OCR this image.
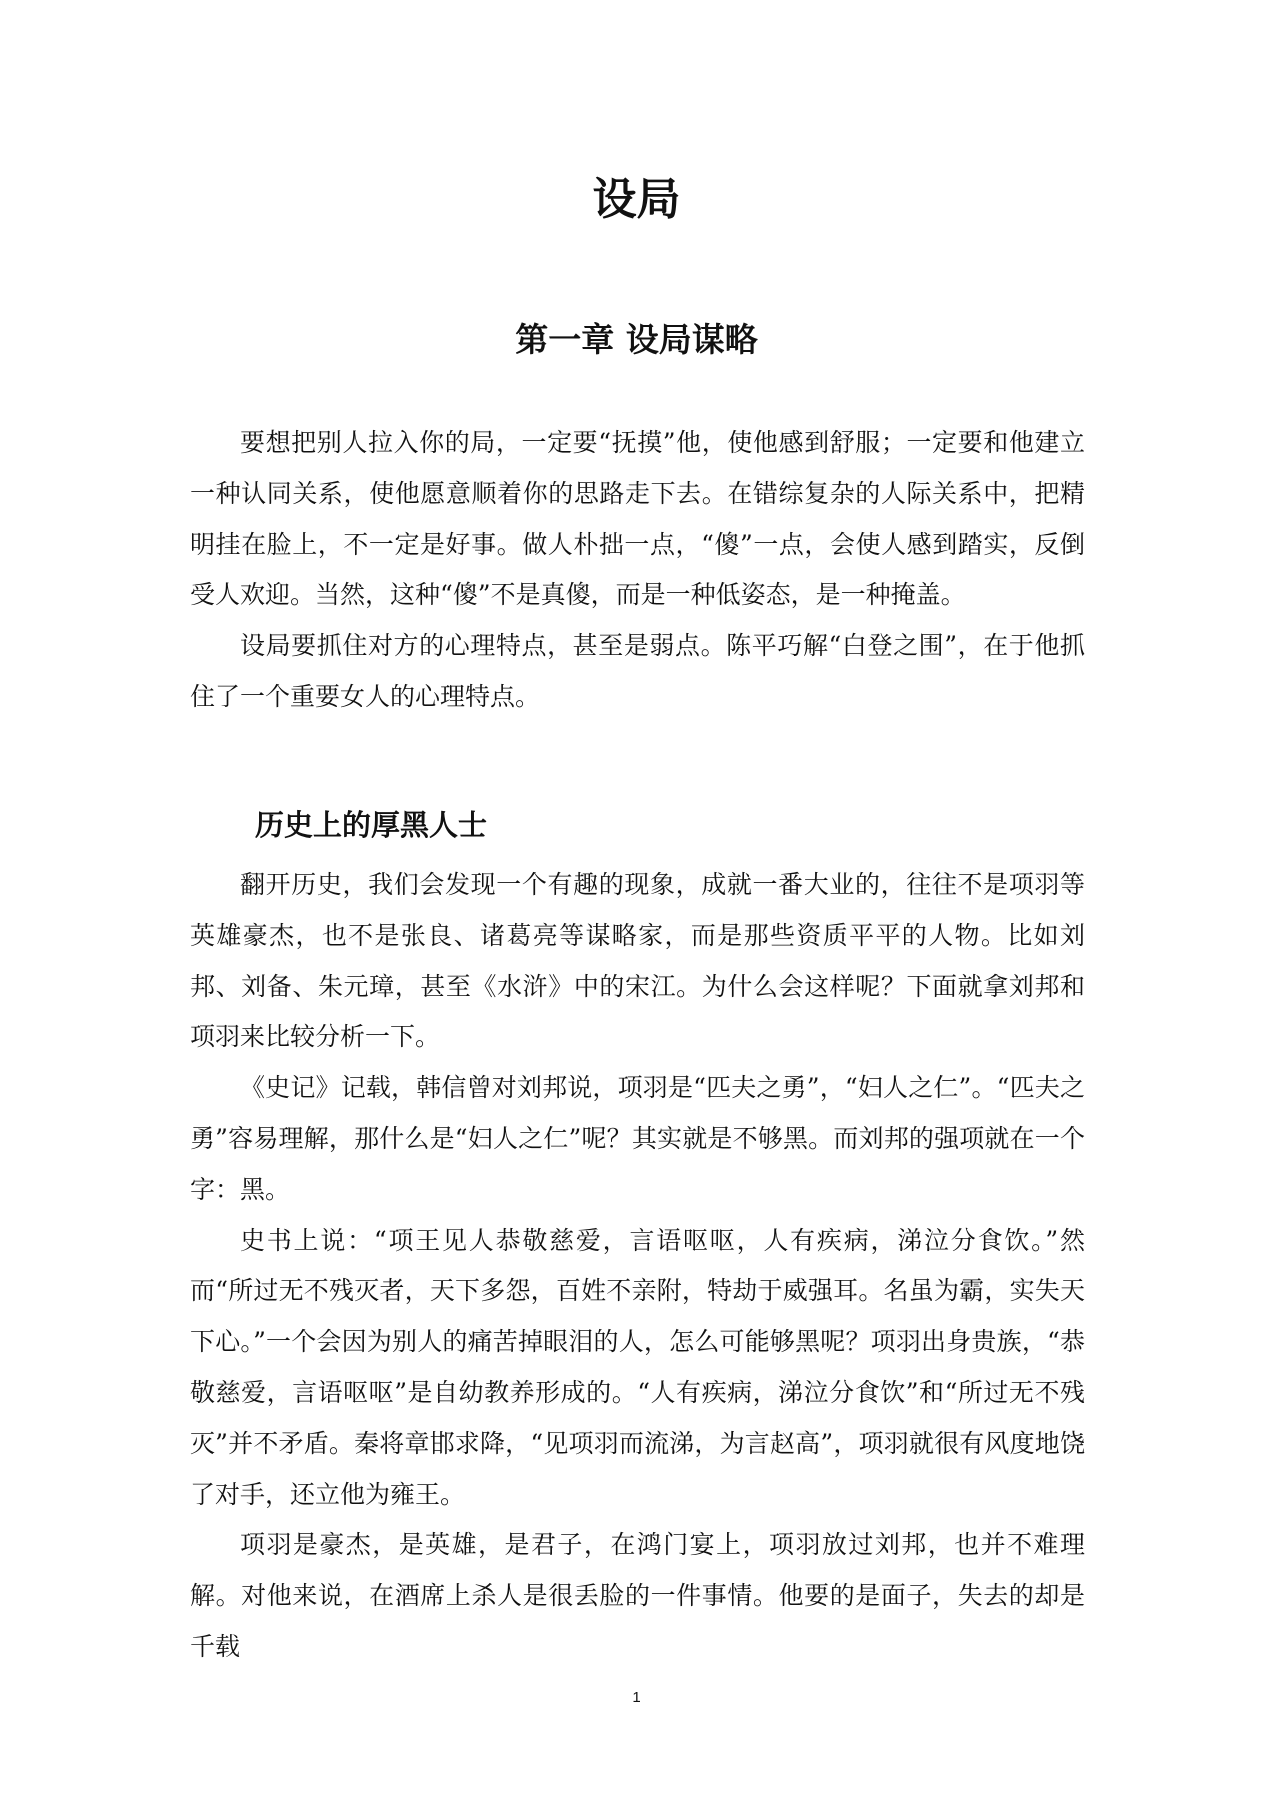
设局
第一章 设局谋略

要想把别人拉入你的局，一定要“抚摸”他，使他感到舒服；一定要和他建立一种认同关系，使他愿意顺着你的思路走下去。在错综复杂的人际关系中，把精明挂在脸上，不一定是好事。做人朴拙一点，“傻”一点，会使人感到踏实，反倒受人欢迎。当然，这种“傻”不是真傻，而是一种低姿态，是一种掩盖。

设局要抓住对方的心理特点，甚至是弱点。陈平巧解“白登之围”，在于他抓住了一个重要女人的心理特点。

历史上的厚黑人士

翻开历史，我们会发现一个有趣的现象，成就一番大业的，往往不是项羽等英雄豪杰，也不是张良、诸葛亮等谋略家，而是那些资质平平的人物。比如刘邦、刘备、朱元璋，甚至《水浒》中的宋江。为什么会这样呢？下面就拿刘邦和项羽来比较分析一下。

《史记》记载，韩信曾对刘邦说，项羽是“匹夫之勇”，“妇人之仁”。“匹夫之勇”容易理解，那什么是“妇人之仁”呢？其实就是不够黑。而刘邦的强项就在一个字：黑。

史书上说：“项王见人恭敬慈爱，言语呕呕，人有疾病，涕泣分食饮。”然而“所过无不残灭者，天下多怨，百姓不亲附，特劫于威强耳。名虽为霸，实失天下心。”一个会因为别人的痛苦掉眼泪的人，怎么可能够黑呢？项羽出身贵族，“恭敬慈爱，言语呕呕”是自幼教养形成的。“人有疾病，涕泣分食饮”和“所过无不残灭”并不矛盾。秦将章邯求降，“见项羽而流涕，为言赵高”，项羽就很有风度地饶了对手，还立他为雍王。

项羽是豪杰，是英雄，是君子，在鸿门宴上，项羽放过刘邦，也并不难理解。对他来说，在酒席上杀人是很丢脸的一件事情。他要的是面子，失去的却是千载

1
